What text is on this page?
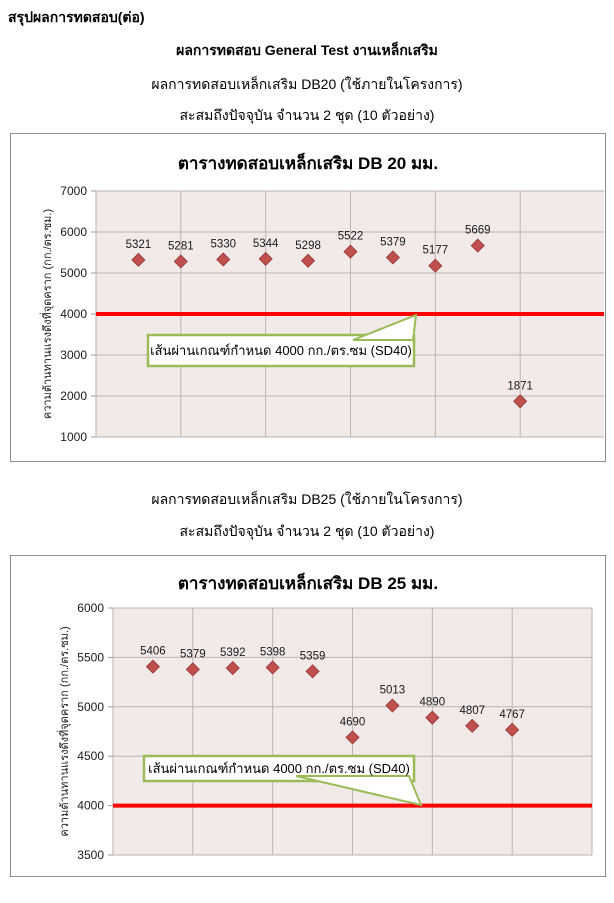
สรุปผลการทดสอบ(ต่อ)
ผลการทดสอบ General Test งานเหล็กเสริม
ผลการทดสอบเหล็กเสริม DB20 (ใช้ภายในโครงการ)
สะสมถึงปัจจุบัน จำนวน 2 ชุด (10 ตัวอย่าง)
7000
6000
5000
4000
3000
2000
1000
ความต้านทานแรงดึงที่จุดคราก (กก./ตร.ซม.)	5321 5281 5330 5344 5298
5522 5379
5177
5669
1871
เส้นผ่านเกณฑ์กำหนด 4000 กก./ตร.ซม (SD40)
ตารางทดสอบเหล็กเสริม DB 20 มม.
ผลการทดสอบเหล็กเสริม DB25 (ใช้ภายในโครงการ)
สะสมถึงปัจจุบัน จำนวน 2 ชุด (10 ตัวอย่าง)
6000
5500
5000
4500
4000
3500
ความต้านทานแรงดึงที่จุดคราก (กก./ตร.ซม.)	5406 5379 5392 5398 5359
4690
5013
4890
4807 4767
เส้นผ่านเกณฑ์กำหนด 4000 กก./ตร.ซม (SD40)
ตารางทดสอบเหล็กเสริม DB 25 มม.
